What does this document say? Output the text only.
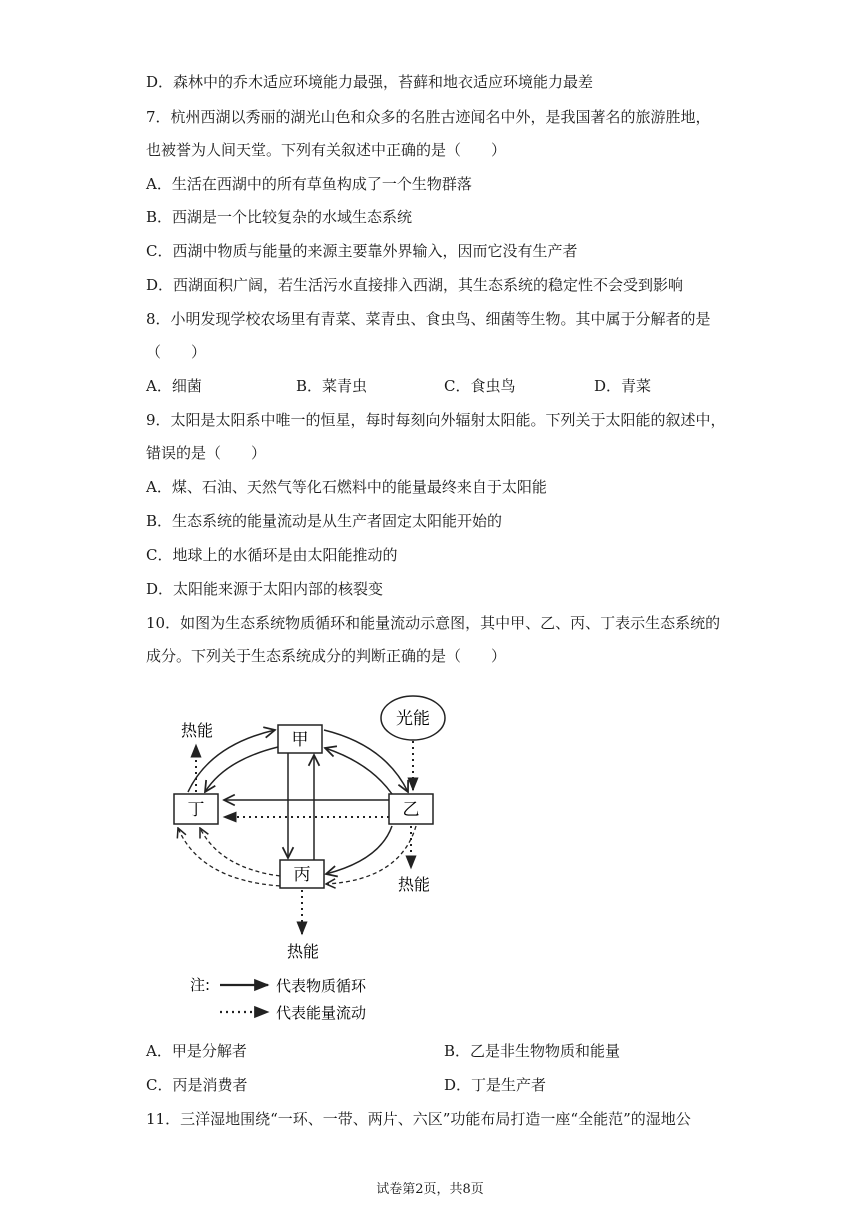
D．森林中的乔木适应环境能力最强，苔藓和地衣适应环境能力最差
7．杭州西湖以秀丽的湖光山色和众多的名胜古迹闻名中外，是我国著名的旅游胜地，
也被誉为人间天堂。下列有关叙述中正确的是（　　）
A．生活在西湖中的所有草鱼构成了一个生物群落
B．西湖是一个比较复杂的水域生态系统
C．西湖中物质与能量的来源主要靠外界输入，因而它没有生产者
D．西湖面积广阔，若生活污水直接排入西湖，其生态系统的稳定性不会受到影响
8．小明发现学校农场里有青菜、菜青虫、食虫鸟、细菌等生物。其中属于分解者的是
（　　）
A．细菌	B．菜青虫	C．食虫鸟	D．青菜
9．太阳是太阳系中唯一的恒星，每时每刻向外辐射太阳能。下列关于太阳能的叙述中，
错误的是（　　）
A．煤、石油、天然气等化石燃料中的能量最终来自于太阳能
B．生态系统的能量流动是从生产者固定太阳能开始的
C．地球上的水循环是由太阳能推动的
D．太阳能来源于太阳内部的核裂变
10．如图为生态系统物质循环和能量流动示意图，其中甲、乙、丙、丁表示生态系统的
成分。下列关于生态系统成分的判断正确的是（　　）
光能
甲
丁	乙
丙
热能
热能
热能
注:	代表物质循环
代表能量流动
A．甲是分解者	B．乙是非生物物质和能量
C．丙是消费者	D．丁是生产者
11．三洋湿地围绕“一环、一带、两片、六区”功能布局打造一座“全能范”的湿地公
试卷第2页，共8页
